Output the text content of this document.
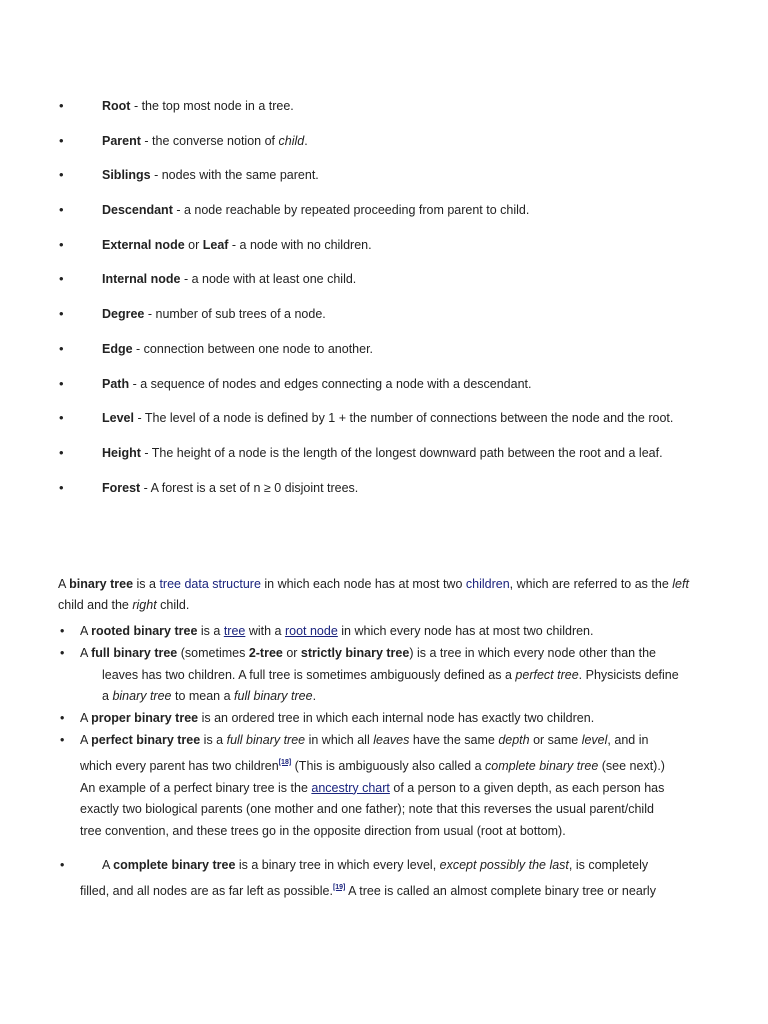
•	Root - the top most node in a tree.
•	Parent - the converse notion of child.
•	Siblings - nodes with the same parent.
•	Descendant - a node reachable by repeated proceeding from parent to child.
•	External node or Leaf - a node with no children.
•	Internal node - a node with at least one child.
•	Degree - number of sub trees of a node.
•	Edge - connection between one node to another.
•	Path - a sequence of nodes and edges connecting a node with a descendant.
•	Level - The level of a node is defined by 1 + the number of connections between the node and the root.
•	Height - The height of a node is the length of the longest downward path between the root and a leaf.
•	Forest - A forest is a set of n ≥ 0 disjoint trees.

A binary tree is a tree data structure in which each node has at most two children, which are referred to as the left child and the right child.

• A rooted binary tree is a tree with a root node in which every node has at most two children.
• A full binary tree (sometimes 2-tree or strictly binary tree) is a tree in which every node other than the
leaves has two children. A full tree is sometimes ambiguously defined as a perfect tree. Physicists define
a binary tree to mean a full binary tree.
• A proper binary tree is an ordered tree in which each internal node has exactly two children.
• A perfect binary tree is a full binary tree in which all leaves have the same depth or same level, and in
which every parent has two children[18] (This is ambiguously also called a complete binary tree (see next).)
An example of a perfect binary tree is the ancestry chart of a person to a given depth, as each person has
exactly two biological parents (one mother and one father); note that this reverses the usual parent/child
tree convention, and these trees go in the opposite direction from usual (root at bottom).
•	A complete binary tree is a binary tree in which every level, except possibly the last, is completely
filled, and all nodes are as far left as possible.[19] A tree is called an almost complete binary tree or nearly
